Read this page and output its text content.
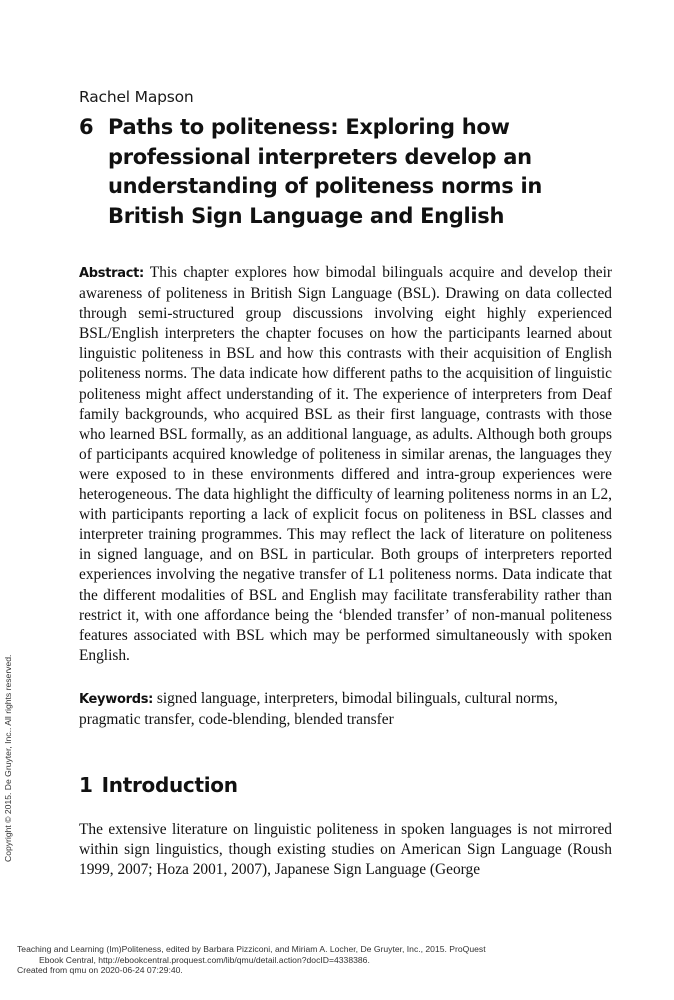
Rachel Mapson
6 Paths to politeness: Exploring how professional interpreters develop an understanding of politeness norms in British Sign Language and English

Abstract: This chapter explores how bimodal bilinguals acquire and develop their awareness of politeness in British Sign Language (BSL). Drawing on data collected through semi-structured group discussions involving eight highly experienced BSL/English interpreters the chapter focuses on how the participants learned about linguistic politeness in BSL and how this contrasts with their acquisition of English politeness norms. The data indicate how different paths to the acquisition of linguistic politeness might affect understanding of it. The experience of interpreters from Deaf family backgrounds, who acquired BSL as their first language, contrasts with those who learned BSL formally, as an additional language, as adults. Although both groups of participants acquired knowledge of politeness in similar arenas, the languages they were exposed to in these environments differed and intra-group experiences were heterogeneous. The data highlight the difficulty of learning politeness norms in an L2, with participants reporting a lack of explicit focus on politeness in BSL classes and interpreter training programmes. This may reflect the lack of literature on politeness in signed language, and on BSL in particular. Both groups of interpreters reported experiences involving the negative transfer of L1 politeness norms. Data indicate that the different modalities of BSL and English may facilitate transferability rather than restrict it, with one affordance being the ‘blended transfer’ of non-manual politeness features associated with BSL which may be performed simultaneously with spoken English.

Keywords: signed language, interpreters, bimodal bilinguals, cultural norms, pragmatic transfer, code-blending, blended transfer

1 Introduction

The extensive literature on linguistic politeness in spoken languages is not mirrored within sign linguistics, though existing studies on American Sign Language (Roush 1999, 2007; Hoza 2001, 2007), Japanese Sign Language (George

Copyright © 2015. De Gruyter, Inc.. All rights reserved.
Teaching and Learning (Im)Politeness, edited by Barbara Pizziconi, and Miriam A. Locher, De Gruyter, Inc., 2015. ProQuest
Ebook Central, http://ebookcentral.proquest.com/lib/qmu/detail.action?docID=4338386.
Created from qmu on 2020-06-24 07:29:40.
